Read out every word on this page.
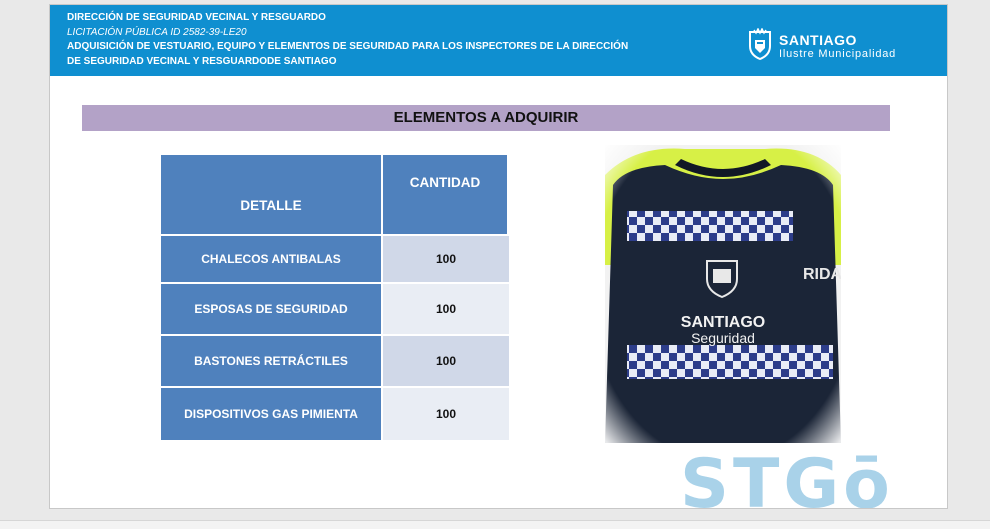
DIRECCIÓN DE SEGURIDAD VECINAL Y RESGUARDO
LICITACIÓN PÚBLICA ID 2582-39-LE20
ADQUISICIÓN DE VESTUARIO, EQUIPO Y ELEMENTOS DE SEGURIDAD PARA LOS INSPECTORES DE LA DIRECCIÓN
DE SEGURIDAD VECINAL Y RESGUARDODE SANTIAGO
SANTIAGO
Ilustre Municipalidad
ELEMENTOS A ADQUIRIR
DETALLE	CANTIDAD
CHALECOS ANTIBALAS	100
ESPOSAS DE SEGURIDAD	100
BASTONES RETRÁCTILES	100
DISPOSITIVOS GAS PIMIENTA	100
STGō
